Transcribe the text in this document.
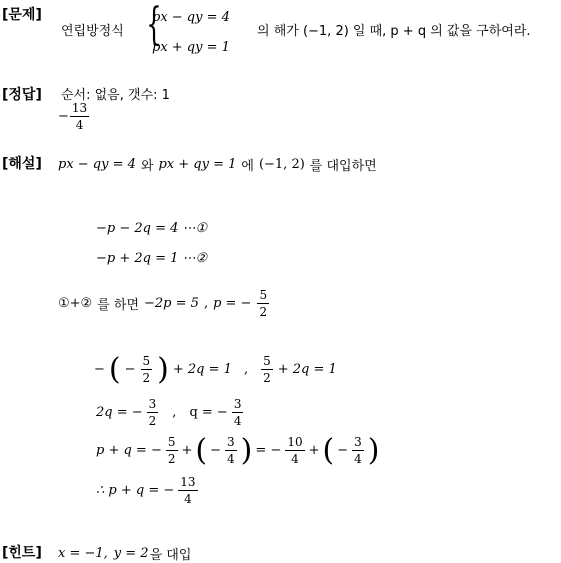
[문제]
연립방정식 {
px − qy = 4
px + qy = 1
의 해가 (−1, 2) 일 때, p + q 의 값을 구하여라.
[정답] 순서: 없음, 갯수: 1
− $\frac{13}{4}$
[해설] px − qy = 4 와 px + qy = 1 에 (−1, 2) 를 대입하면
−p − 2q = 4 ⋯①
−p + 2q = 1 ⋯②
①+② 를 하면 −2p = 5 , p = − $\frac{5}{2}$
− ( − $\frac{5}{2}$ ) + 2q = 1 , $\frac{5}{2} + 2q = 1$
2q = − $\frac{3}{2}$ , q = − $\frac{3}{4}$
p + q = − $\frac{5}{2}$ + ( − $\frac{3}{4}$ ) = − $\frac{10}{4}$ + ( − $\frac{3}{4}$ )
∴ p + q = − $\frac{13}{4}$
[힌트] x = −1, y = 2 을 대입
